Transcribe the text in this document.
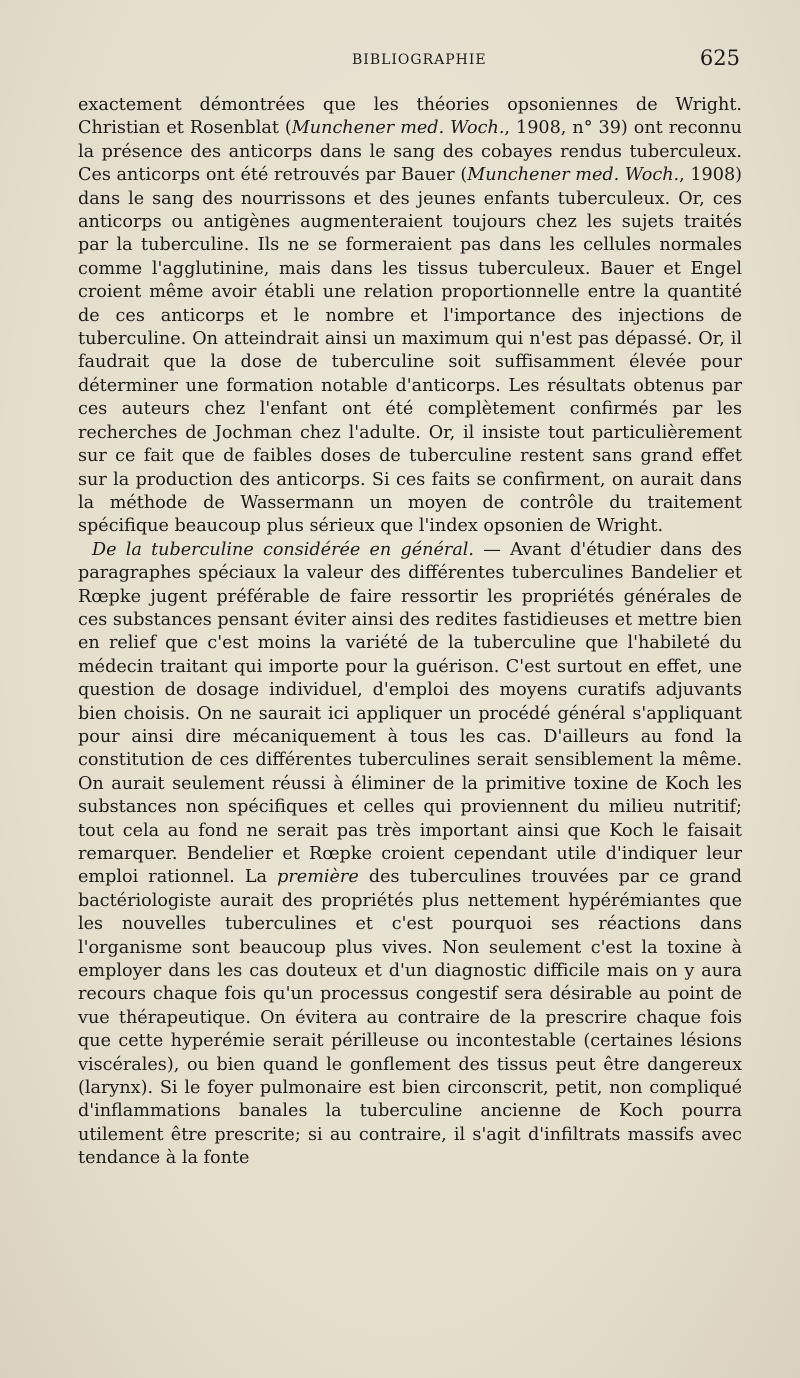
BIBLIOGRAPHIE	625

exactement démontrées que les théories opsoniennes de Wright. Christian et Rosenblat (Munchener med. Woch., 1908, n° 39) ont reconnu la présence des anticorps dans le sang des cobayes rendus tuberculeux. Ces anticorps ont été retrouvés par Bauer (Munchener med. Woch., 1908) dans le sang des nourrissons et des jeunes enfants tuberculeux. Or, ces anticorps ou antigènes augmenteraient toujours chez les sujets traités par la tuberculine. Ils ne se formeraient pas dans les cellules normales comme l'agglutinine, mais dans les tissus tuberculeux. Bauer et Engel croient même avoir établi une relation proportionnelle entre la quantité de ces anticorps et le nombre et l'importance des injections de tuberculine. On atteindrait ainsi un maximum qui n'est pas dépassé. Or, il faudrait que la dose de tuberculine soit suffisamment élevée pour déterminer une formation notable d'anticorps. Les résultats obtenus par ces auteurs chez l'enfant ont été complètement confirmés par les recherches de Jochman chez l'adulte. Or, il insiste tout particulièrement sur ce fait que de faibles doses de tuberculine restent sans grand effet sur la production des anticorps. Si ces faits se confirment, on aurait dans la méthode de Wassermann un moyen de contrôle du traitement spécifique beaucoup plus sérieux que l'index opsonien de Wright.

De la tuberculine considérée en général. — Avant d'étudier dans des paragraphes spéciaux la valeur des différentes tuberculines Bandelier et Rœpke jugent préférable de faire ressortir les propriétés générales de ces substances pensant éviter ainsi des redites fastidieuses et mettre bien en relief que c'est moins la variété de la tuberculine que l'habileté du médecin traitant qui importe pour la guérison. C'est surtout en effet, une question de dosage individuel, d'emploi des moyens curatifs adjuvants bien choisis. On ne saurait ici appliquer un procédé général s'appliquant pour ainsi dire mécaniquement à tous les cas. D'ailleurs au fond la constitution de ces différentes tuberculines serait sensiblement la même. On aurait seulement réussi à éliminer de la primitive toxine de Koch les substances non spécifiques et celles qui proviennent du milieu nutritif; tout cela au fond ne serait pas très important ainsi que Koch le faisait remarquer. Bendelier et Rœpke croient cependant utile d'indiquer leur emploi rationnel. La première des tuberculines trouvées par ce grand bactériologiste aurait des propriétés plus nettement hypérémiantes que les nouvelles tuberculines et c'est pourquoi ses réactions dans l'organisme sont beaucoup plus vives. Non seulement c'est la toxine à employer dans les cas douteux et d'un diagnostic difficile mais on y aura recours chaque fois qu'un processus congestif sera désirable au point de vue thérapeutique. On évitera au contraire de la prescrire chaque fois que cette hyperémie serait périlleuse ou incontestable (certaines lésions viscérales), ou bien quand le gonflement des tissus peut être dangereux (larynx). Si le foyer pulmonaire est bien circonscrit, petit, non compliqué d'inflammations banales la tuberculine ancienne de Koch pourra utilement être prescrite; si au contraire, il s'agit d'infiltrats massifs avec tendance à la fonte
